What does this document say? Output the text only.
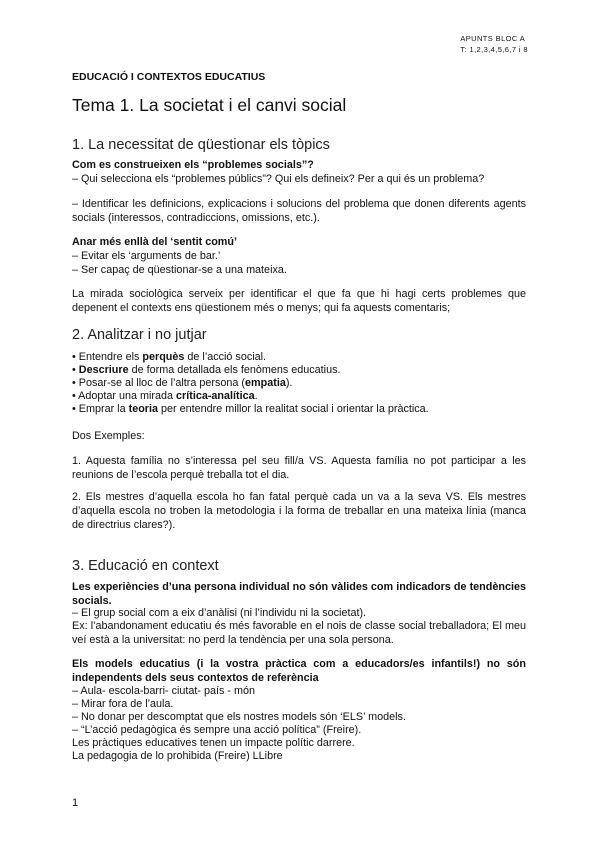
APUNTS BLOC A
T: 1,2,3,4,5,6,7 i 8
EDUCACIÓ I CONTEXTOS EDUCATIUS
Tema 1. La societat i el canvi social
1. La necessitat de qüestionar els tòpics
Com es construeixen els “problemes socials”?
– Qui selecciona els “problemes públics”? Qui els defineix? Per a qui és un problema?
– Identificar les definicions, explicacions i solucions del problema que donen diferents agents socials (interessos, contradiccions, omissions, etc.).
Anar més enllà del ‘sentit comú’
– Evitar els ‘arguments de bar.’
– Ser capaç de qüestionar-se a una mateixa.
La mirada sociològica serveix per identificar el que fa que hi hagi certs problemes que depenent el contexts ens qüestionem més o menys; qui fa aquests comentaris;
2. Analitzar i no jutjar
• Entendre els perquès de l’acció social.
• Descriure de forma detallada els fenòmens educatius.
• Posar-se al lloc de l’altra persona (empatia).
• Adoptar una mirada crítica-analítica.
• Emprar la teoria per entendre millor la realitat social i orientar la pràctica.
Dos Exemples:
1. Aquesta família no s’interessa pel seu fill/a VS. Aquesta família no pot participar a les reunions de l’escola perquè treballa tot el dia.
2. Els mestres d’aquella escola ho fan fatal perquè cada un va a la seva VS. Els mestres d’aquella escola no troben la metodologia i la forma de treballar en una mateixa línia (manca de directrius clares?).
3. Educació en context
Les experiències d’una persona individual no són vàlides com indicadors de tendències socials.
– El grup social com a eix d’anàlisi (ni l’individu ni la societat).
Ex: l’abandonament educatiu és més favorable en el nois de classe social treballadora; El meu veí està a la universitat: no perd la tendència per una sola persona.
Els models educatius (i la vostra pràctica com a educadors/es infantils!) no són independents dels seus contextos de referència
– Aula- escola-barri- ciutat- país - món
– Mirar fora de l’aula.
– No donar per descomptat que els nostres models són ‘ELS’ models.
– “L’acció pedagògica és sempre una acció política” (Freire).
Les pràctiques educatives tenen un impacte polític darrere.
La pedagogia de lo prohibida (Freire) LLibre
1
